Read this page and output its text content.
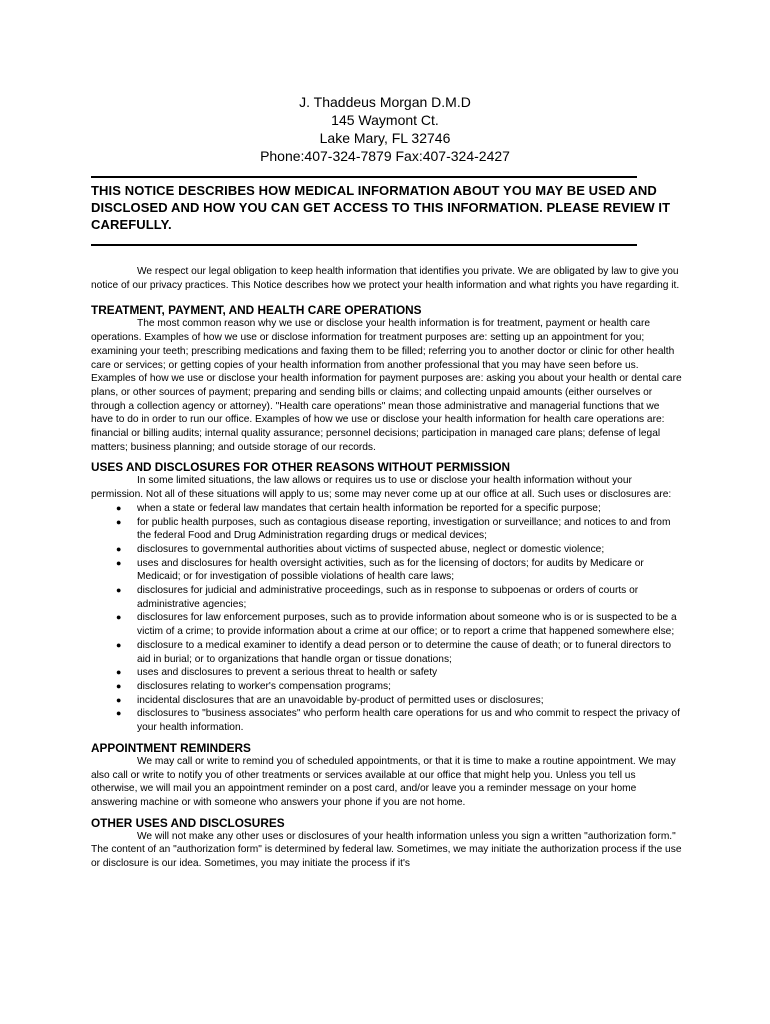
J. Thaddeus Morgan D.M.D
145 Waymont Ct.
Lake Mary, FL 32746
Phone:407-324-7879 Fax:407-324-2427
THIS NOTICE DESCRIBES HOW MEDICAL INFORMATION ABOUT YOU MAY BE USED AND DISCLOSED AND HOW YOU CAN GET ACCESS TO THIS INFORMATION. PLEASE REVIEW IT CAREFULLY.

We respect our legal obligation to keep health information that identifies you private. We are obligated by law to give you notice of our privacy practices. This Notice describes how we protect your health information and what rights you have regarding it.

TREATMENT, PAYMENT, AND HEALTH CARE OPERATIONS

The most common reason why we use or disclose your health information is for treatment, payment or health care operations. Examples of how we use or disclose information for treatment purposes are: setting up an appointment for you; examining your teeth; prescribing medications and faxing them to be filled; referring you to another doctor or clinic for other health care or services; or getting copies of your health information from another professional that you may have seen before us. Examples of how we use or disclose your health information for payment purposes are: asking you about your health or dental care plans, or other sources of payment; preparing and sending bills or claims; and collecting unpaid amounts (either ourselves or through a collection agency or attorney). "Health care operations" mean those administrative and managerial functions that we have to do in order to run our office. Examples of how we use or disclose your health information for health care operations are: financial or billing audits; internal quality assurance; personnel decisions; participation in managed care plans; defense of legal matters; business planning; and outside storage of our records.

USES AND DISCLOSURES FOR OTHER REASONS WITHOUT PERMISSION

In some limited situations, the law allows or requires us to use or disclose your health information without your permission. Not all of these situations will apply to us; some may never come up at our office at all. Such uses or disclosures are:

● when a state or federal law mandates that certain health information be reported for a specific purpose;
● for public health purposes, such as contagious disease reporting, investigation or surveillance; and notices to and from the federal Food and Drug Administration regarding drugs or medical devices;
● disclosures to governmental authorities about victims of suspected abuse, neglect or domestic violence;
● uses and disclosures for health oversight activities, such as for the licensing of doctors; for audits by Medicare or Medicaid; or for investigation of possible violations of health care laws;
● disclosures for judicial and administrative proceedings, such as in response to subpoenas or orders of courts or administrative agencies;
● disclosures for law enforcement purposes, such as to provide information about someone who is or is suspected to be a victim of a crime; to provide information about a crime at our office; or to report a crime that happened somewhere else;
● disclosure to a medical examiner to identify a dead person or to determine the cause of death; or to funeral directors to aid in burial; or to organizations that handle organ or tissue donations;
● uses and disclosures to prevent a serious threat to health or safety
● disclosures relating to worker's compensation programs;
● incidental disclosures that are an unavoidable by-product of permitted uses or disclosures;
● disclosures to "business associates" who perform health care operations for us and who commit to respect the privacy of your health information.
APPOINTMENT REMINDERS

We may call or write to remind you of scheduled appointments, or that it is time to make a routine appointment. We may also call or write to notify you of other treatments or services available at our office that might help you. Unless you tell us otherwise, we will mail you an appointment reminder on a post card, and/or leave you a reminder message on your home answering machine or with someone who answers your phone if you are not home.

OTHER USES AND DISCLOSURES

We will not make any other uses or disclosures of your health information unless you sign a written "authorization form." The content of an "authorization form" is determined by federal law. Sometimes, we may initiate the authorization process if the use or disclosure is our idea. Sometimes, you may initiate the process if it's
